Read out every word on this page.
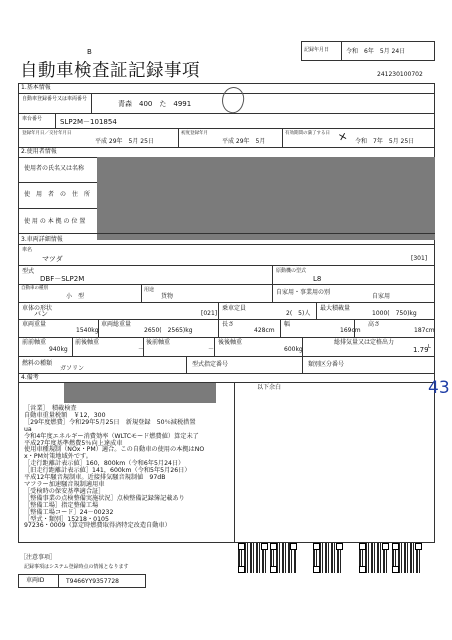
B
自動車検査証記録事項
記録年月日	令和　6年　5月 24日
241230100702
1.基本情報
自動車登録番号又は車両番号
青森　400　た　4991
車台番号	SLP2M－101854
登録年月日／交付年月日
平成 29年　5月 25日
初度登録年月
平成 29年　5月
有効期間の満了する日
令和　7年　5月 25日
⨯
2.使用者情報
使用者の氏名又は名称
使　用　者　の　住　所
使 用 の 本 拠 の 位 置
3.車両詳細情報
車名
マツダ	[301]
型式
DBF－SLP2M
原動機の型式
L8
自動車の種別
小　型
用途
貨物
自家用・事業用の別
自家用
車体の形状
バン	[021]
乗車定員
2(　5)人
最大積載量
1000(　750)kg
車両重量
1540kg
車両総重量
2650(　2565)kg
長さ
428cm
幅
169cm
高さ
187cm
前前軸重
940kg
前後軸重
－
後前軸重
－
後後軸重
600kg
総排気量又は定格出力
1.79 L
燃料の種類
ガソリン
型式指定番号	類別区分番号
4.備考
以下余白	43
［営業］　積載検査
自動車重量税額　￥12，300
［29年度燃費］令和29年5月25日　新規登録　50％減税措置
ua
令和4年度エネルギー消費効率（WLTCモード燃費値）算定未了
平成27年度基準燃費5％向上達成車
使用車種規制（NOx・PM）適合。この自動車の使用の本拠はNO
x・PM対策地域外です。
［走行距離計表示値］160，800km（令和6年5月24日）
［旧走行距離計表示値］141，600km（令和5年5月26日）
平成12年騒音規制車。近接排気騒音規制値　97dB
マフラー加速騒音規制適用車
［受検時の保安基準適合証］
［整備事業の点検整備実施状況］点検整備記録簿記載あり
［整備工場］指定整備工場
［整備工場コード］24－00232
［型式・類別］15218・0105
97236・0009（算定時燃費取得済特定改造自動車）
［注意事項］
記録事項はシステム登録時点の情報となります
車両ID	T9466YY9357728
